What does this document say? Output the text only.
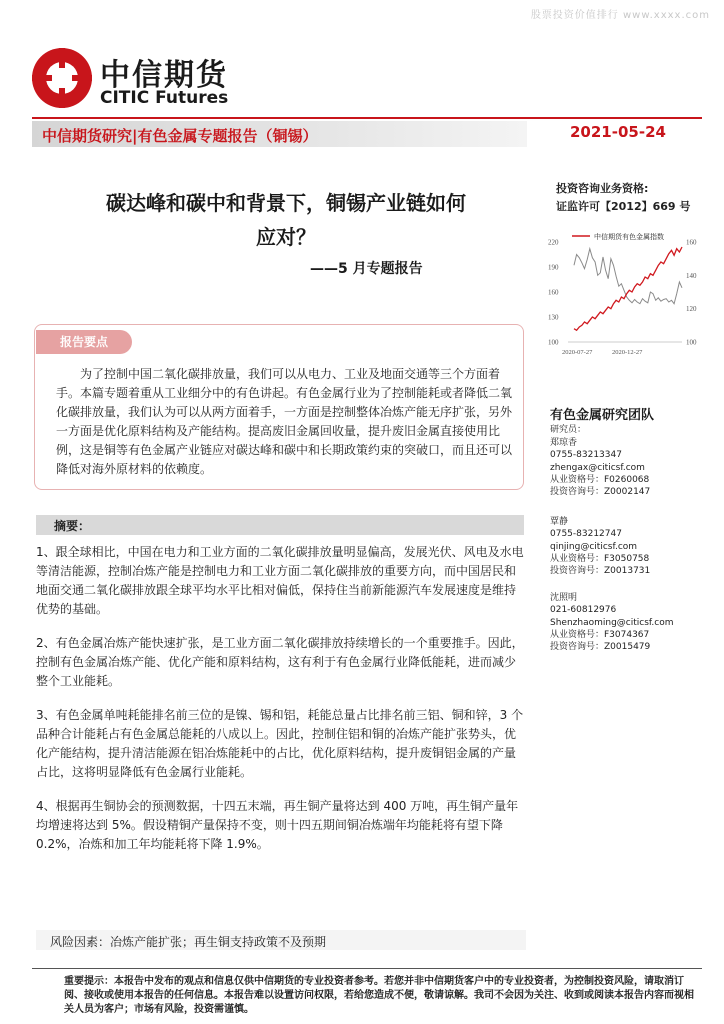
股票投资价值排行 www.xxxx.com
中信期货
CITIC Futures
中信期货研究|有色金属专题报告（铜锡）	2021-05-24
碳达峰和碳中和背景下，铜锡产业链如何
应对？
——5 月专题报告
投资咨询业务资格:
证监许可【2012】669 号
中信期货有色金属指数
220
190
160
130
100
160
140
120
100
2020-07-27	2020-12-27
报告要点
为了控制中国二氧化碳排放量，我们可以从电力、工业及地面交通等三个方面着手。本篇专题着重从工业细分中的有色讲起。有色金属行业为了控制能耗或者降低二氧化碳排放量，我们认为可以从两方面着手，一方面是控制整体冶炼产能无序扩张，另外一方面是优化原料结构及产能结构。提高废旧金属回收量，提升废旧金属直接使用比例，这是铜等有色金属产业链应对碳达峰和碳中和长期政策约束的突破口，而且还可以降低对海外原材料的依赖度。
有色金属研究团队
研究员：
郑琼香
0755-83213347
zhengax@citicsf.com
从业资格号：F0260068
投资咨询号：Z0002147
覃静
0755-83212747
qinjing@citicsf.com
从业资格号：F3050758
投资咨询号：Z0013731
沈照明
021-60812976
Shenzhaoming@citicsf.com
从业资格号：F3074367
投资咨询号：Z0015479
摘要：
1、跟全球相比，中国在电力和工业方面的二氧化碳排放量明显偏高，发展光伏、风电及水电等清洁能源，控制冶炼产能是控制电力和工业方面二氧化碳排放的重要方向，而中国居民和地面交通二氧化碳排放跟全球平均水平比相对偏低，保持住当前新能源汽车发展速度是维持优势的基础。
2、有色金属冶炼产能快速扩张，是工业方面二氧化碳排放持续增长的一个重要推手。因此，控制有色金属冶炼产能、优化产能和原料结构，这有利于有色金属行业降低能耗，进而减少整个工业能耗。
3、有色金属单吨耗能排名前三位的是镍、锡和铝，耗能总量占比排名前三铝、铜和锌，3 个品种合计能耗占有色金属总能耗的八成以上。因此，控制住铝和铜的冶炼产能扩张势头，优化产能结构，提升清洁能源在铝冶炼能耗中的占比，优化原料结构，提升废铜铝金属的产量占比，这将明显降低有色金属行业能耗。
4、根据再生铜协会的预测数据，十四五末端，再生铜产量将达到 400 万吨，再生铜产量年均增速将达到 5%。假设精铜产量保持不变，则十四五期间铜冶炼端年均能耗将有望下降 0.2%，冶炼和加工年均能耗将下降 1.9%。
风险因素：冶炼产能扩张；再生铜支持政策不及预期
重要提示：本报告中发布的观点和信息仅供中信期货的专业投资者参考。若您并非中信期货客户中的专业投资者，为控制投资风险，请取消订阅、接收或使用本报告的任何信息。本报告难以设置访问权限，若给您造成不便，敬请谅解。我司不会因为关注、收到或阅读本报告内容而视相关人员为客户；市场有风险，投资需谨慎。
